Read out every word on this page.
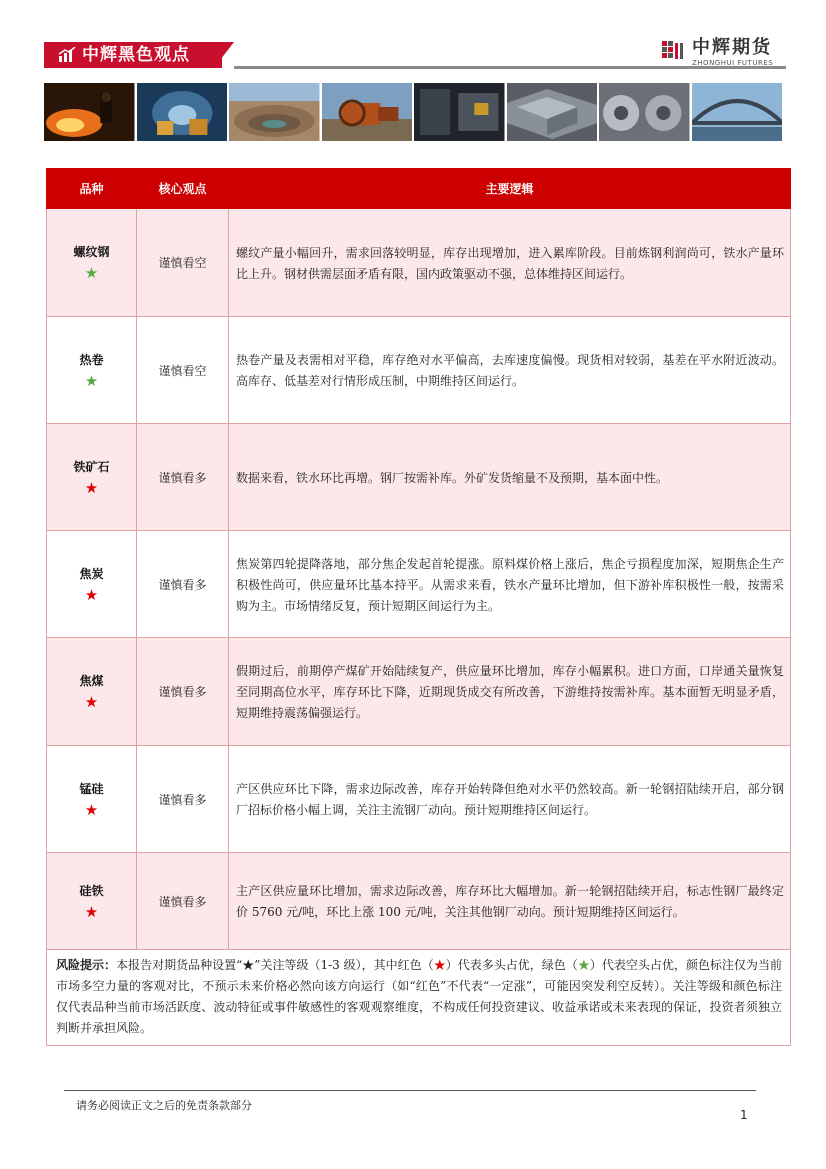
中辉黑色观点	中辉期货
ZHONGHUI FUTURES
品种	核心观点	主要逻辑

螺纹钢
★	谨慎看空	螺纹产量小幅回升，需求回落较明显，库存出现增加，进入累库阶段。目前炼钢利润尚可，铁水产量环比上升。钢材供需层面矛盾有限，国内政策驱动不强，总体维持区间运行。

热卷
★	谨慎看空	热卷产量及表需相对平稳，库存绝对水平偏高，去库速度偏慢。现货相对较弱，基差在平水附近波动。高库存、低基差对行情形成压制，中期维持区间运行。

铁矿石
★	谨慎看多	数据来看，铁水环比再增。钢厂按需补库。外矿发货缩量不及预期，基本面中性。

焦炭
★	谨慎看多	焦炭第四轮提降落地，部分焦企发起首轮提涨。原料煤价格上涨后，焦企亏损程度加深，短期焦企生产积极性尚可，供应量环比基本持平。从需求来看，铁水产量环比增加，但下游补库积极性一般，按需采购为主。市场情绪反复，预计短期区间运行为主。

焦煤
★	谨慎看多	假期过后，前期停产煤矿开始陆续复产，供应量环比增加，库存小幅累积。进口方面，口岸通关量恢复至同期高位水平，库存环比下降，近期现货成交有所改善，下游维持按需补库。基本面暂无明显矛盾，短期维持震荡偏强运行。

锰硅
★	谨慎看多	产区供应环比下降，需求边际改善，库存开始转降但绝对水平仍然较高。新一轮钢招陆续开启，部分钢厂招标价格小幅上调，关注主流钢厂动向。预计短期维持区间运行。

硅铁
★	谨慎看多	主产区供应量环比增加，需求边际改善，库存环比大幅增加。新一轮钢招陆续开启，标志性钢厂最终定价 5760 元/吨，环比上涨 100 元/吨，关注其他钢厂动向。预计短期维持区间运行。
风险提示：本报告对期货品种设置“★”关注等级（1-3 级），其中红色（★）代表多头占优，绿色（★）代表空头占优，颜色标注仅为当前市场多空力量的客观对比，不预示未来价格必然向该方向运行（如“红色”不代表“一定涨”，可能因突发利空反转）。关注等级和颜色标注仅代表品种当前市场活跃度、波动特征或事件敏感性的客观观察维度，不构成任何投资建议、收益承诺或未来表现的保证，投资者须独立判断并承担风险。		
请务必阅读正文之后的免责条款部分
1
